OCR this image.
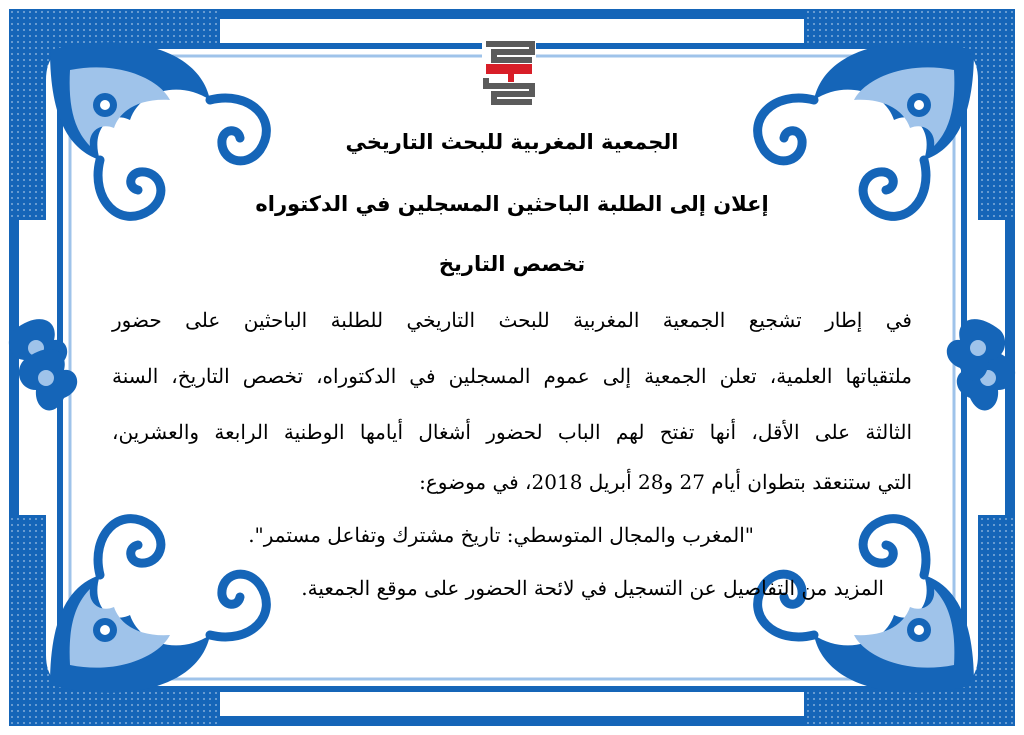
الجمعية المغربية للبحث التاريخي
إعلان إلى الطلبة الباحثين المسجلين في الدكتوراه
تخصص التاريخ
في إطار تشجيع الجمعية المغربية للبحث التاريخي للطلبة الباحثين على حضور
ملتقياتها العلمية، تعلن الجمعية إلى عموم المسجلين في الدكتوراه، تخصص التاريخ، السنة
الثالثة على الأقل، أنها تفتح لهم الباب لحضور أشغال أيامها الوطنية الرابعة والعشرين،
التي ستنعقد بتطوان أيام 27 و28 أبريل 2018، في موضوع:
"المغرب والمجال المتوسطي: تاريخ مشترك وتفاعل مستمر".
المزيد من التفاصيل عن التسجيل في لائحة الحضور على موقع الجمعية.
